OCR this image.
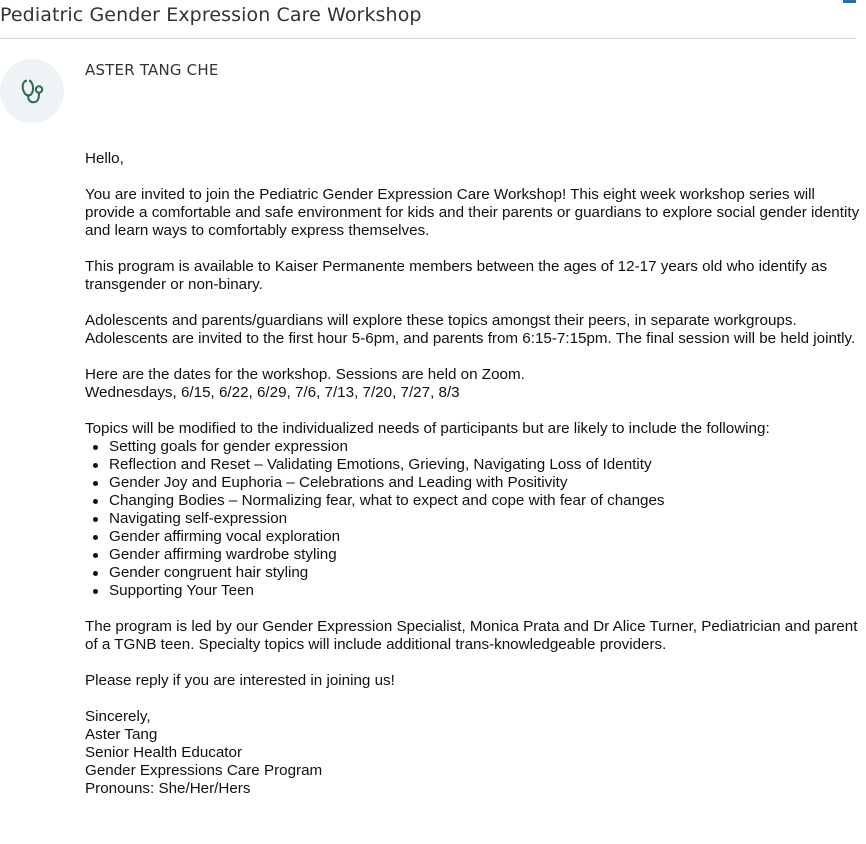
Pediatric Gender Expression Care Workshop
ASTER TANG CHE

Hello,

You are invited to join the Pediatric Gender Expression Care Workshop! This eight week workshop series will provide a comfortable and safe environment for kids and their parents or guardians to explore social gender identity and learn ways to comfortably express themselves.

This program is available to Kaiser Permanente members between the ages of 12-17 years old who identify as transgender or non-binary.

Adolescents and parents/guardians will explore these topics amongst their peers, in separate workgroups. Adolescents are invited to the first hour 5-6pm, and parents from 6:15-7:15pm. The final session will be held jointly.

Here are the dates for the workshop. Sessions are held on Zoom.

Wednesdays, 6/15, 6/22, 6/29, 7/6, 7/13, 7/20, 7/27, 8/3

Topics will be modified to the individualized needs of participants but are likely to include the following:

Setting goals for gender expression
Reflection and Reset – Validating Emotions, Grieving, Navigating Loss of Identity
Gender Joy and Euphoria – Celebrations and Leading with Positivity
Changing Bodies – Normalizing fear, what to expect and cope with fear of changes
Navigating self-expression
Gender affirming vocal exploration
Gender affirming wardrobe styling
Gender congruent hair styling
Supporting Your Teen

The program is led by our Gender Expression Specialist, Monica Prata and Dr Alice Turner, Pediatrician and parent of a TGNB teen. Specialty topics will include additional trans-knowledgeable providers.

Please reply if you are interested in joining us!

Sincerely,
Aster Tang
Senior Health Educator
Gender Expressions Care Program
Pronouns: She/Her/Hers
